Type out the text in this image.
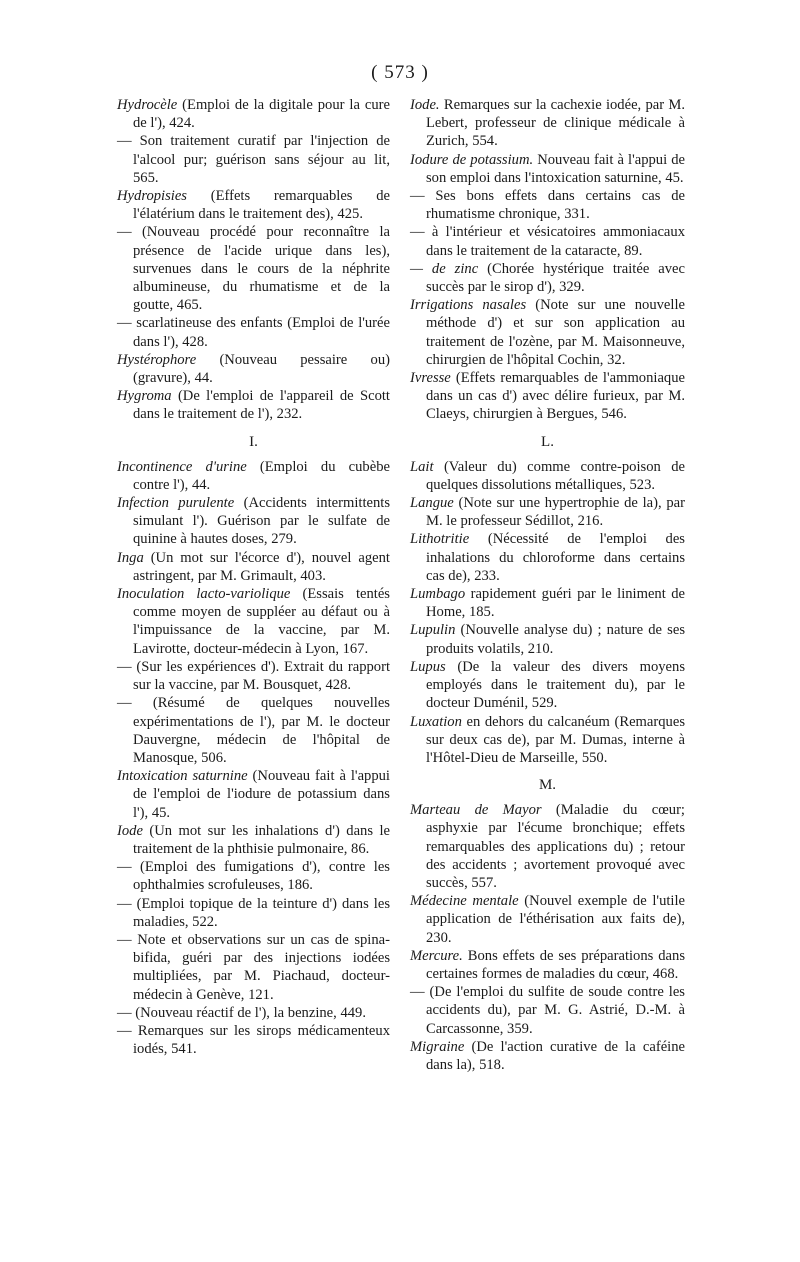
( 573 )
Hydrocèle (Emploi de la digitale pour la cure de l'), 424.
— Son traitement curatif par l'injection de l'alcool pur; guérison sans séjour au lit, 565.
Hydropisies (Effets remarquables de l'élatérium dans le traitement des), 425.
— (Nouveau procédé pour reconnaître la présence de l'acide urique dans les), survenues dans le cours de la néphrite albumineuse, du rhumatisme et de la goutte, 465.
— scarlatineuse des enfants (Emploi de l'urée dans l'), 428.
Hystérophore (Nouveau pessaire ou) (gravure), 44.
Hygroma (De l'emploi de l'appareil de Scott dans le traitement de l'), 232.
I.
Incontinence d'urine (Emploi du cubèbe contre l'), 44.
Infection purulente (Accidents intermittents simulant l'). Guérison par le sulfate de quinine à hautes doses, 279.
Inga (Un mot sur l'écorce d'), nouvel agent astringent, par M. Grimault, 403.
Inoculation lacto-variolique (Essais tentés comme moyen de suppléer au défaut ou à l'impuissance de la vaccine, par M. Lavirotte, docteur-médecin à Lyon, 167.
— (Sur les expériences d'). Extrait du rapport sur la vaccine, par M. Bousquet, 428.
— (Résumé de quelques nouvelles expérimentations de l'), par M. le docteur Dauvergne, médecin de l'hôpital de Manosque, 506.
Intoxication saturnine (Nouveau fait à l'appui de l'emploi de l'iodure de potassium dans l'), 45.
Iode (Un mot sur les inhalations d') dans le traitement de la phthisie pulmonaire, 86.
— (Emploi des fumigations d'), contre les ophthalmies scrofuleuses, 186.
— (Emploi topique de la teinture d') dans les maladies, 522.
— Note et observations sur un cas de spina-bifida, guéri par des injections iodées multipliées, par M. Piachaud, docteur-médecin à Genève, 121.
— (Nouveau réactif de l'), la benzine, 449.
— Remarques sur les sirops médicamenteux iodés, 541.
Iode. Remarques sur la cachexie iodée, par M. Lebert, professeur de clinique médicale à Zurich, 554.
Iodure de potassium. Nouveau fait à l'appui de son emploi dans l'intoxication saturnine, 45.
— Ses bons effets dans certains cas de rhumatisme chronique, 331.
— à l'intérieur et vésicatoires ammoniacaux dans le traitement de la cataracte, 89.
— de zinc (Chorée hystérique traitée avec succès par le sirop d'), 329.
Irrigations nasales (Note sur une nouvelle méthode d') et sur son application au traitement de l'ozène, par M. Maisonneuve, chirurgien de l'hôpital Cochin, 32.
Ivresse (Effets remarquables de l'ammoniaque dans un cas d') avec délire furieux, par M. Claeys, chirurgien à Bergues, 546.
L.
Lait (Valeur du) comme contre-poison de quelques dissolutions métalliques, 523.
Langue (Note sur une hypertrophie de la), par M. le professeur Sédillot, 216.
Lithotritie (Nécessité de l'emploi des inhalations du chloroforme dans certains cas de), 233.
Lumbago rapidement guéri par le liniment de Home, 185.
Lupulin (Nouvelle analyse du) ; nature de ses produits volatils, 210.
Lupus (De la valeur des divers moyens employés dans le traitement du), par le docteur Duménil, 529.
Luxation en dehors du calcanéum (Remarques sur deux cas de), par M. Dumas, interne à l'Hôtel-Dieu de Marseille, 550.
M.
Marteau de Mayor (Maladie du cœur; asphyxie par l'écume bronchique; effets remarquables des applications du) ; retour des accidents ; avortement provoqué avec succès, 557.
Médecine mentale (Nouvel exemple de l'utile application de l'éthérisation aux faits de), 230.
Mercure. Bons effets de ses préparations dans certaines formes de maladies du cœur, 468.
— (De l'emploi du sulfite de soude contre les accidents du), par M. G. Astrié, D.-M. à Carcassonne, 359.
Migraine (De l'action curative de la caféine dans la), 518.
